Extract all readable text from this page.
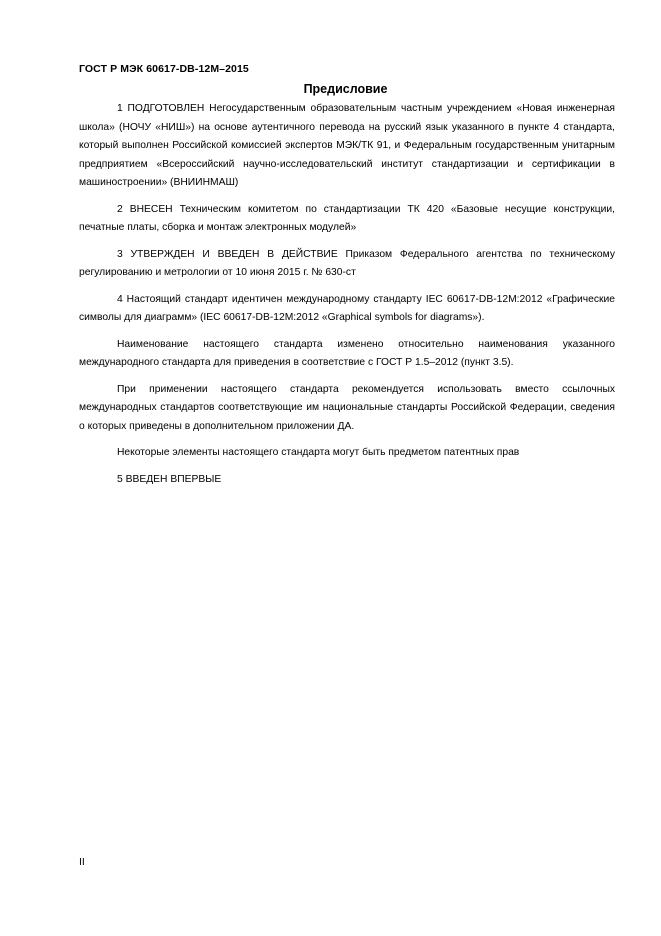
ГОСТ Р МЭК 60617-DB-12M–2015
Предисловие

1 ПОДГОТОВЛЕН Негосударственным образовательным частным учреждением «Новая инженерная школа» (НОЧУ «НИШ») на основе аутентичного перевода на русский язык указанного в пункте 4 стандарта, который выполнен Российской комиссией экспертов МЭК/ТК 91, и Федеральным государственным унитарным предприятием «Всероссийский научно-исследовательский институт стандартизации и сертификации в машиностроении» (ВНИИНМАШ)

2 ВНЕСЕН Техническим комитетом по стандартизации ТК 420 «Базовые несущие конструкции, печатные платы, сборка и монтаж электронных модулей»

3 УТВЕРЖДЕН И ВВЕДЕН В ДЕЙСТВИЕ Приказом Федерального агентства по техническому регулированию и метрологии от 10 июня 2015 г. № 630-ст

4 Настоящий стандарт идентичен международному стандарту IEC 60617-DB-12M:2012 «Графические символы для диаграмм» (IEC 60617-DB-12M:2012 «Graphical symbols for diagrams»).

Наименование настоящего стандарта изменено относительно наименования указанного международного стандарта для приведения в соответствие с ГОСТ Р 1.5–2012 (пункт 3.5).

При применении настоящего стандарта рекомендуется использовать вместо ссылочных международных стандартов соответствующие им национальные стандарты Российской Федерации, сведения о которых приведены в дополнительном приложении ДА.

Некоторые элементы настоящего стандарта могут быть предметом патентных прав

5 ВВЕДЕН ВПЕРВЫЕ

II
